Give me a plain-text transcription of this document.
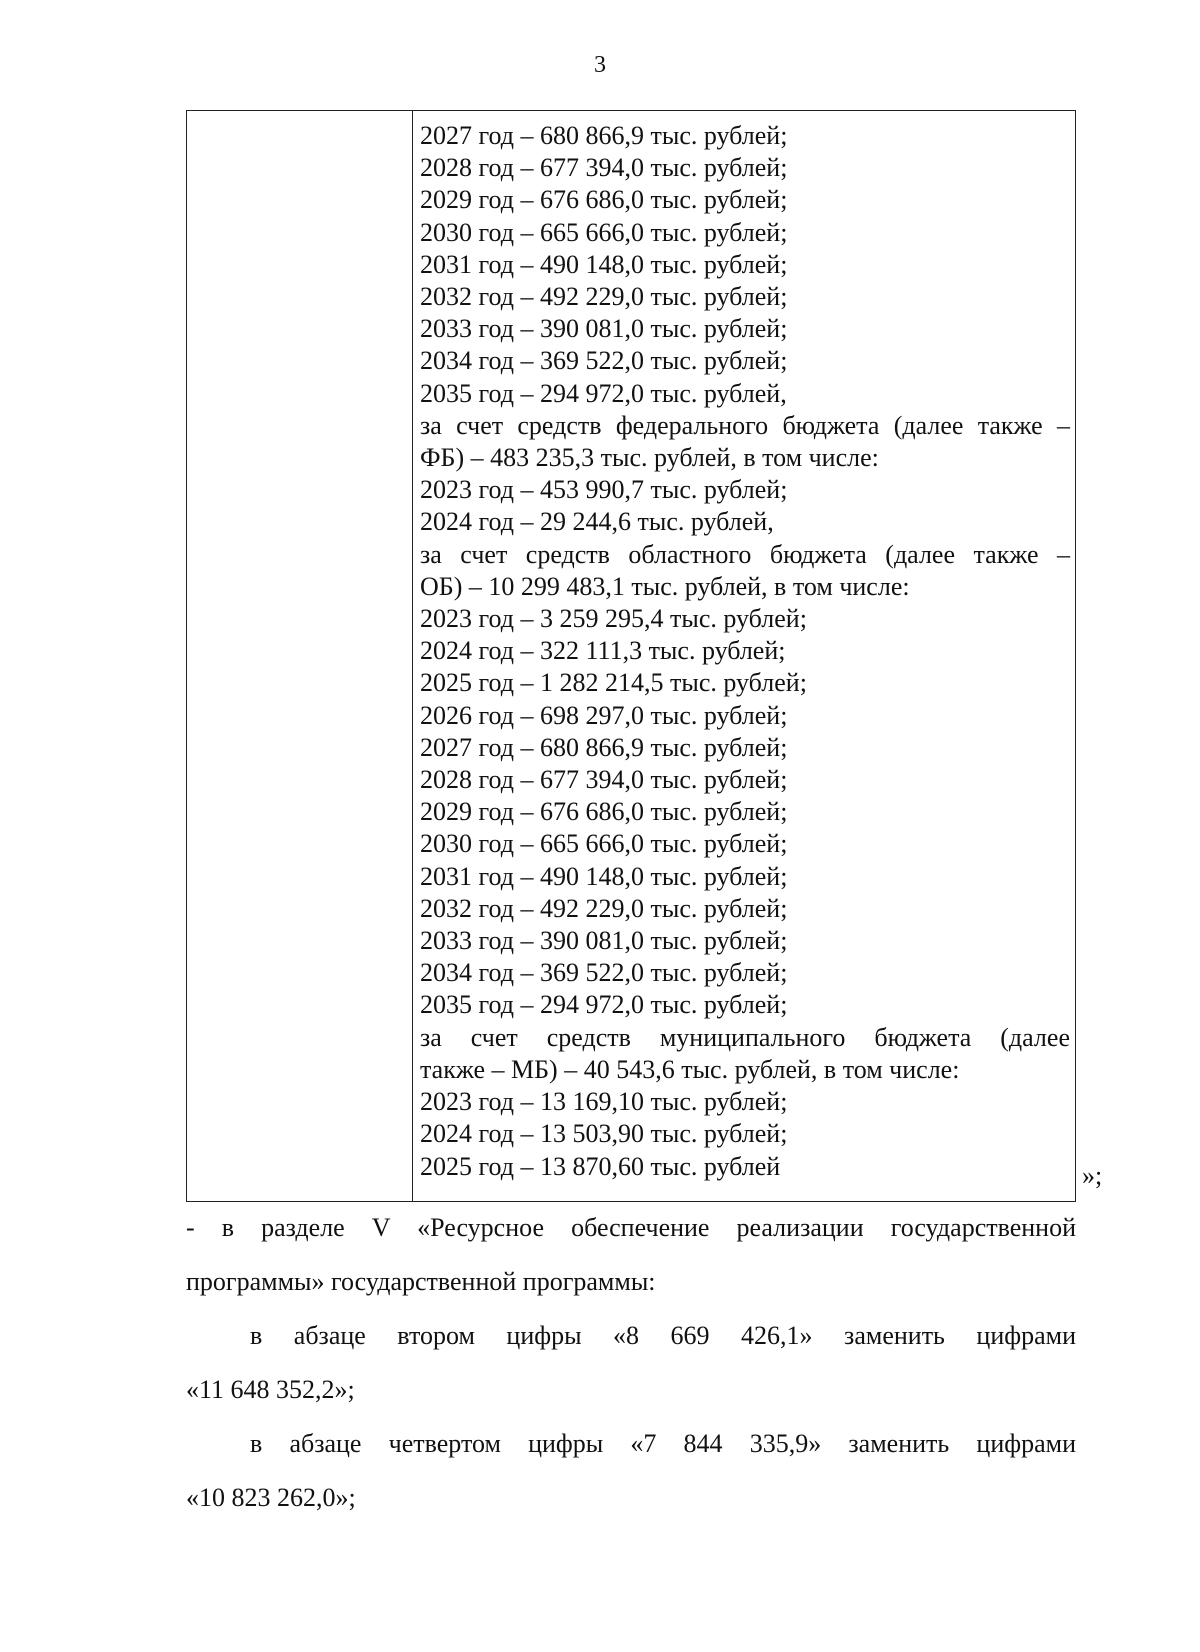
3
2027 год – 680 866,9 тыс. рублей;
2028 год – 677 394,0 тыс. рублей;
2029 год – 676 686,0 тыс. рублей;
2030 год – 665 666,0 тыс. рублей;
2031 год – 490 148,0 тыс. рублей;
2032 год – 492 229,0 тыс. рублей;
2033 год – 390 081,0 тыс. рублей;
2034 год – 369 522,0 тыс. рублей;
2035 год – 294 972,0 тыс. рублей,
за счет средств федерального бюджета (далее также –
ФБ) – 483 235,3 тыс. рублей, в том числе:
2023 год – 453 990,7 тыс. рублей;
2024 год – 29 244,6 тыс. рублей,
за счет средств областного бюджета (далее также –
ОБ) – 10 299 483,1 тыс. рублей, в том числе:
2023 год – 3 259 295,4 тыс. рублей;
2024 год – 322 111,3 тыс. рублей;
2025 год – 1 282 214,5 тыс. рублей;
2026 год – 698 297,0 тыс. рублей;
2027 год – 680 866,9 тыс. рублей;
2028 год – 677 394,0 тыс. рублей;
2029 год – 676 686,0 тыс. рублей;
2030 год – 665 666,0 тыс. рублей;
2031 год – 490 148,0 тыс. рублей;
2032 год – 492 229,0 тыс. рублей;
2033 год – 390 081,0 тыс. рублей;
2034 год – 369 522,0 тыс. рублей;
2035 год – 294 972,0 тыс. рублей;
за счет средств муниципального бюджета (далее
также – МБ) – 40 543,6 тыс. рублей, в том числе:
2023 год – 13 169,10 тыс. рублей;
2024 год – 13 503,90 тыс. рублей;
2025 год – 13 870,60 тыс. рублей	»;
- в разделе V «Ресурсное обеспечение реализации государственной
программы» государственной программы:
в абзаце втором цифры «8 669 426,1» заменить цифрами
«11 648 352,2»;
в абзаце четвертом цифры «7 844 335,9» заменить цифрами
«10 823 262,0»;
